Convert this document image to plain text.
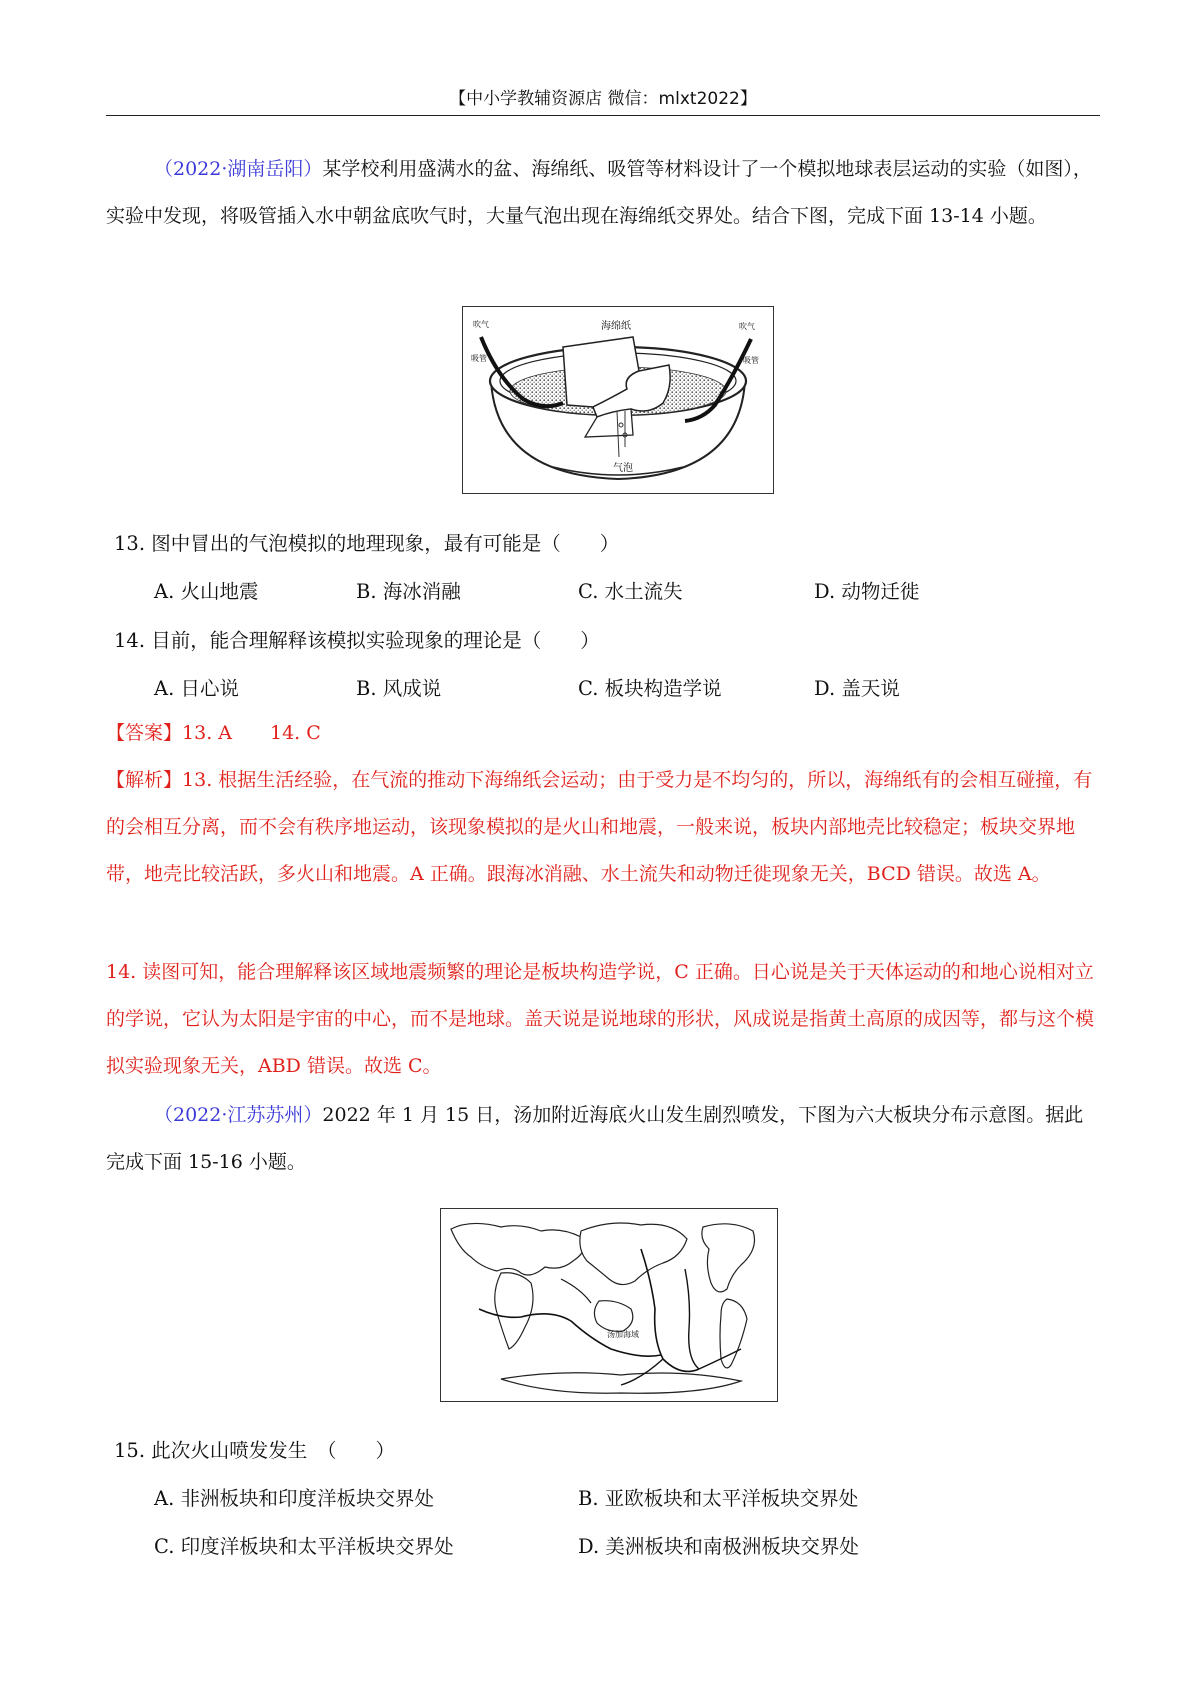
【中小学教辅资源店 微信：mlxt2022】
（2022·湖南岳阳）某学校利用盛满水的盆、海绵纸、吸管等材料设计了一个模拟地球表层运动的实验（如图），实验中发现，将吸管插入水中朝盆底吹气时，大量气泡出现在海绵纸交界处。结合下图，完成下面 13-14 小题。
海绵纸
气泡
吹气
吸管
吹气
吸管
13. 图中冒出的气泡模拟的地理现象，最有可能是（　　）
A. 火山地震	B. 海冰消融	C. 水土流失	D. 动物迁徙
14. 目前，能合理解释该模拟实验现象的理论是（　　）
A. 日心说	B. 风成说	C. 板块构造学说	D. 盖天说
【答案】13. A　　14. C
【解析】13. 根据生活经验，在气流的推动下海绵纸会运动；由于受力是不均匀的，所以，海绵纸有的会相互碰撞，有的会相互分离，而不会有秩序地运动，该现象模拟的是火山和地震，一般来说，板块内部地壳比较稳定；板块交界地带，地壳比较活跃，多火山和地震。A 正确。跟海冰消融、水土流失和动物迁徙现象无关，BCD 错误。故选 A。
14. 读图可知，能合理解释该区域地震频繁的理论是板块构造学说，C 正确。日心说是关于天体运动的和地心说相对立的学说，它认为太阳是宇宙的中心，而不是地球。盖天说是说地球的形状，风成说是指黄土高原的成因等，都与这个模拟实验现象无关，ABD 错误。故选 C。
（2022·江苏苏州）2022 年 1 月 15 日，汤加附近海底火山发生剧烈喷发，下图为六大板块分布示意图。据此完成下面 15-16 小题。
汤加海域
15. 此次火山喷发发生　（　　）
A. 非洲板块和印度洋板块交界处	B. 亚欧板块和太平洋板块交界处
C. 印度洋板块和太平洋板块交界处	D. 美洲板块和南极洲板块交界处
